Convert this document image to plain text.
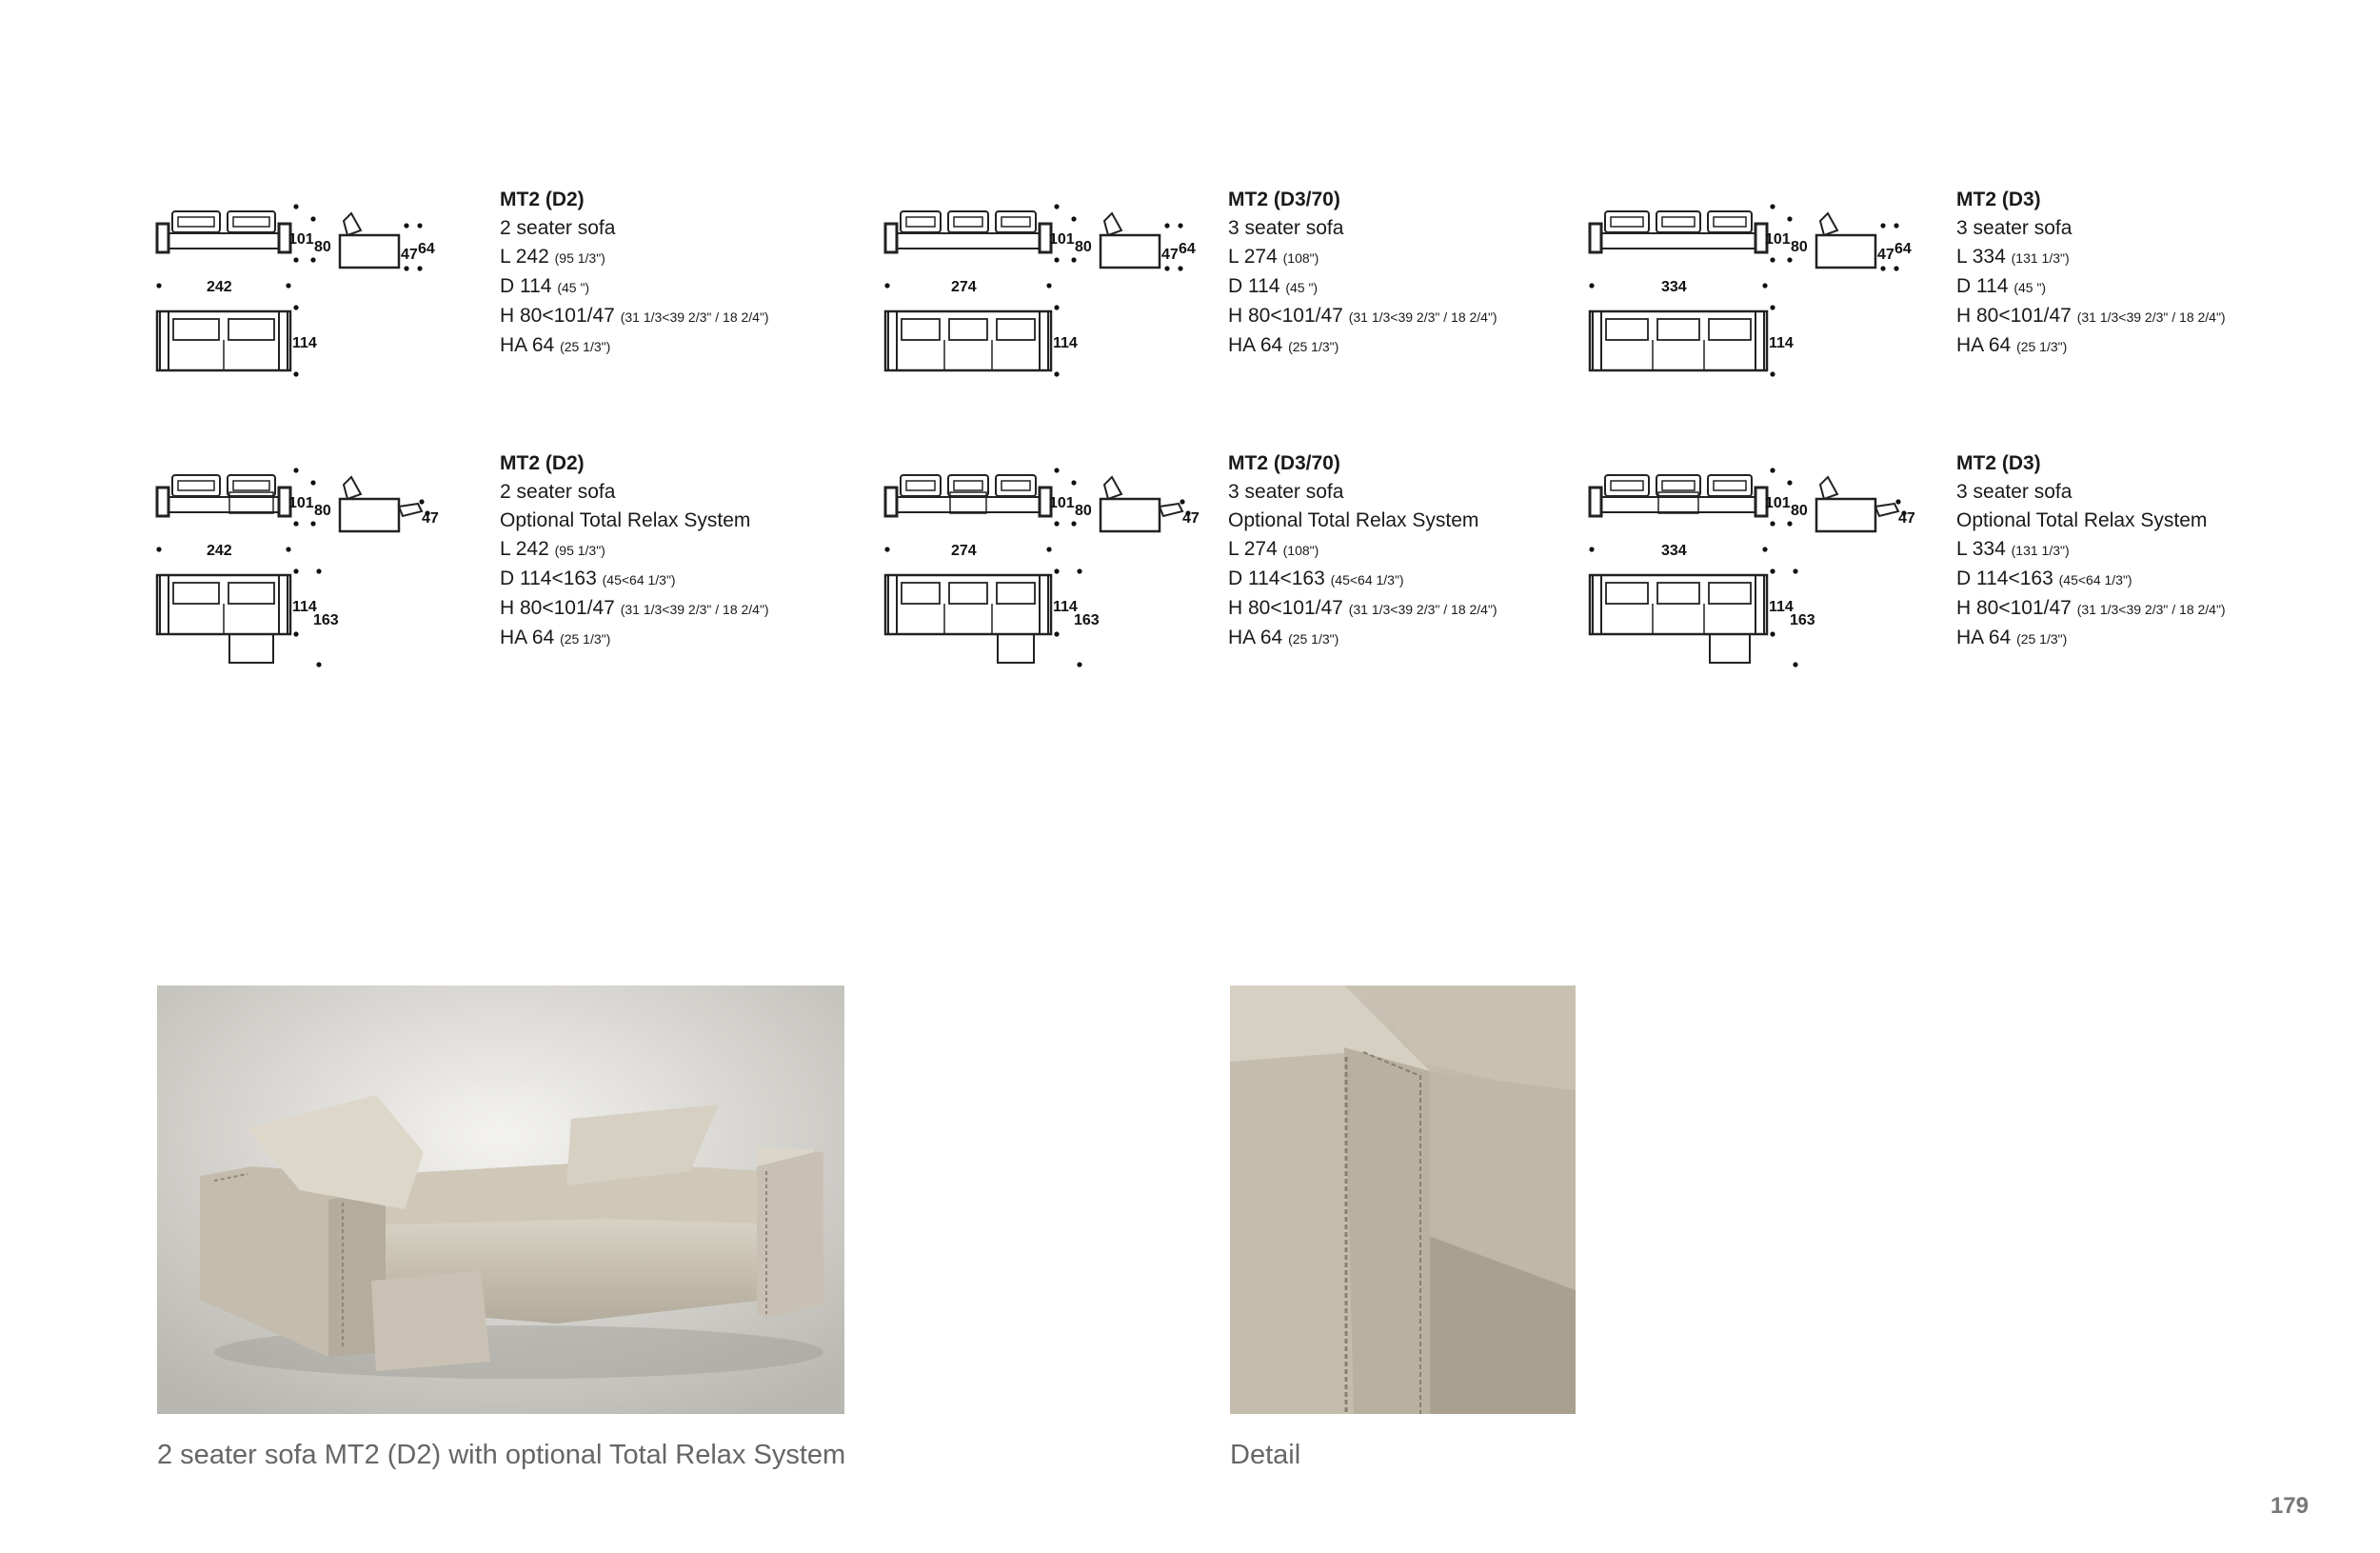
101 80	47 64
242
114
MT2 (D2)
2 seater sofa
L 242 (95 1/3")
D 114 (45 ")
H 80<101/47 (31 1/3<39 2/3" / 18 2/4")
HA 64 (25 1/3")
101 80	47 64
274
114
MT2 (D3/70)
3 seater sofa
L 274 (108")
D 114 (45 ")
H 80<101/47 (31 1/3<39 2/3" / 18 2/4")
HA 64 (25 1/3")
101 80	47 64
334
114
MT2 (D3)
3 seater sofa
L 334 (131 1/3")
D 114 (45 ")
H 80<101/47 (31 1/3<39 2/3" / 18 2/4")
HA 64 (25 1/3")
101 80	47
242
114
163
MT2 (D2)
2 seater sofa
Optional Total Relax System
L 242 (95 1/3")
D 114<163 (45<64 1/3")
H 80<101/47 (31 1/3<39 2/3" / 18 2/4")
HA 64 (25 1/3")
101 80	47
274
114
163
MT2 (D3/70)
3 seater sofa
Optional Total Relax System
L 274 (108")
D 114<163 (45<64 1/3")
H 80<101/47 (31 1/3<39 2/3" / 18 2/4")
HA 64 (25 1/3")
101 80	47
334
114
163
MT2 (D3)
3 seater sofa
Optional Total Relax System
L 334 (131 1/3")
D 114<163 (45<64 1/3")
H 80<101/47 (31 1/3<39 2/3" / 18 2/4")
HA 64 (25 1/3")
2 seater sofa MT2 (D2) with optional Total Relax System	Detail
179
